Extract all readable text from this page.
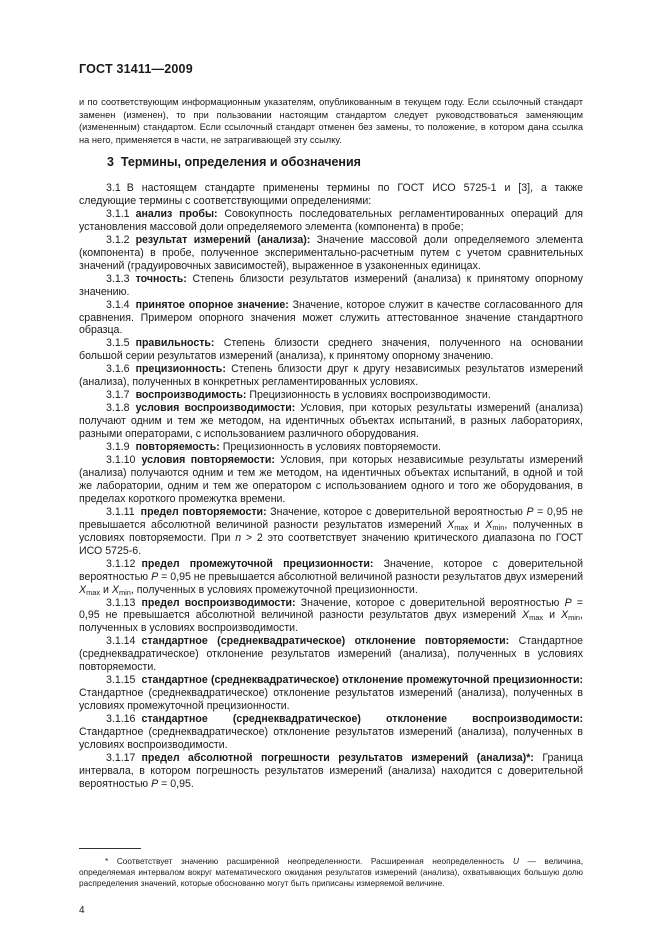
ГОСТ 31411—2009
и по соответствующим информационным указателям, опубликованным в текущем году. Если ссылочный стандарт заменен (изменен), то при пользовании настоящим стандартом следует руководствоваться заменяющим (измененным) стандартом. Если ссылочный стандарт отменен без замены, то положение, в котором дана ссылка на него, применяется в части, не затрагивающей эту ссылку.
3 Термины, определения и обозначения

3.1 В настоящем стандарте применены термины по ГОСТ ИСО 5725-1 и [3], а также следующие термины с соответствующими определениями:

3.1.1 анализ пробы: Совокупность последовательных регламентированных операций для установления массовой доли определяемого элемента (компонента) в пробе;

3.1.2 результат измерений (анализа): Значение массовой доли определяемого элемента (компонента) в пробе, полученное экспериментально-расчетным путем с учетом сравнительных значений (градуировочных зависимостей), выраженное в узаконенных единицах.

3.1.3 точность: Степень близости результатов измерений (анализа) к принятому опорному значению.

3.1.4 принятое опорное значение: Значение, которое служит в качестве согласованного для сравнения. Примером опорного значения может служить аттестованное значение стандартного образца.

3.1.5 правильность: Степень близости среднего значения, полученного на основании большой серии результатов измерений (анализа), к принятому опорному значению.

3.1.6 прецизионность: Степень близости друг к другу независимых результатов измерений (анализа), полученных в конкретных регламентированных условиях.

3.1.7 воспроизводимость: Прецизионность в условиях воспроизводимости.

3.1.8 условия воспроизводимости: Условия, при которых результаты измерений (анализа) получают одним и тем же методом, на идентичных объектах испытаний, в разных лабораториях, разными операторами, с использованием различного оборудования.

3.1.9 повторяемость: Прецизионность в условиях повторяемости.

3.1.10 условия повторяемости: Условия, при которых независимые результаты измерений (анализа) получаются одним и тем же методом, на идентичных объектах испытаний, в одной и той же лаборатории, одним и тем же оператором с использованием одного и того же оборудования, в пределах короткого промежутка времени.

3.1.11 предел повторяемости: Значение, которое с доверительной вероятностью P = 0,95 не превышается абсолютной величиной разности результатов измерений $X_{max}$ и $X_{min}$, полученных в условиях повторяемости. При n > 2 это соответствует значению критического диапазона по ГОСТ ИСО 5725-6.

3.1.12 предел промежуточной прецизионности: Значение, которое с доверительной вероятностью P = 0,95 не превышается абсолютной величиной разности результатов двух измерений $X_{max}$ и $X_{min}$, полученных в условиях промежуточной прецизионности.

3.1.13 предел воспроизводимости: Значение, которое с доверительной вероятностью P = 0,95 не превышается абсолютной величиной разности результатов двух измерений $X_{max}$ и $X_{min}$, полученных в условиях воспроизводимости.

3.1.14 стандартное (среднеквадратическое) отклонение повторяемости: Стандартное (среднеквадратическое) отклонение результатов измерений (анализа), полученных в условиях повторяемости.

3.1.15 стандартное (среднеквадратическое) отклонение промежуточной прецизионности: Стандартное (среднеквадратическое) отклонение результатов измерений (анализа), полученных в условиях промежуточной прецизионности.

3.1.16 стандартное (среднеквадратическое) отклонение воспроизводимости: Стандартное (среднеквадратическое) отклонение результатов измерений (анализа), полученных в условиях воспроизводимости.

3.1.17 предел абсолютной погрешности результатов измерений (анализа)*: Граница интервала, в котором погрешность результатов измерений (анализа) находится с доверительной вероятностью P = 0,95.

* Соответствует значению расширенной неопределенности. Расширенная неопределенность U — величина, определяемая интервалом вокруг математического ожидания результатов измерений (анализа), охватывающих большую долю распределения значений, которые обоснованно могут быть приписаны измеряемой величине.
4
